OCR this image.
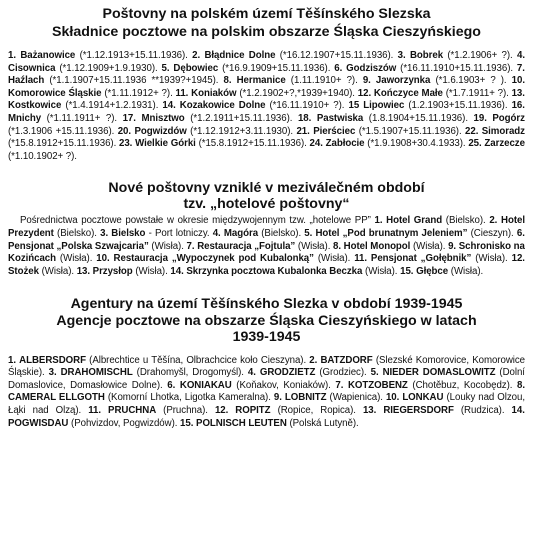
Poštovny na polském území Těšínského Slezska

Składnice pocztowe na polskim obszarze Śląska Cieszyńskiego

1. Bażanowice (*1.12.1913+15.11.1936). 2. Błądnice Dolne (*16.12.1907+15.11.1936). 3. Bobrek (*1.2.1906+ ?). 4. Cisownica (*1.12.1909+1.9.1930). 5. Dębowiec (*16.9.1909+15.11.1936). 6. Godziszów (*16.11.1910+15.11.1936). 7. Haźlach (*1.1.1907+15.11.1936 **1939?+1945). 8. Hermanice (1.11.1910+ ?). 9. Jaworzynka (*1.6.1903+ ? ). 10. Komorowice Śląskie (*1.11.1912+ ?). 11. Koniaków (*1.2.1902+?,*1939+1940). 12. Kończyce Małe (*1.7.1911+ ?). 13. Kostkowice (*1.4.1914+1.2.1931). 14. Kozakowice Dolne (*16.11.1910+ ?). 15 Lipowiec (1.2.1903+15.11.1936). 16. Mnichy (*1.11.1911+ ?). 17. Mnisztwo (*1.2.1911+15.11.1936). 18. Pastwiska (1.8.1904+15.11.1936). 19. Pogórz (*1.3.1906 +15.11.1936). 20. Pogwizdów (*1.12.1912+3.11.1930). 21. Pierściec (*1.5.1907+15.11.1936). 22. Simoradz (*15.8.1912+15.11.1936). 23. Wielkie Górki (*15.8.1912+15.11.1936). 24. Zabłocie (*1.9.1908+30.4.1933). 25. Zarzecze (*1.10.1902+ ?).

Nové poštovny vzniklé v meziválečném období

tzv. „hotelové poštovny“

Pośrednictwa pocztowe powstałe w okresie międzywojennym tzw. „hotelowe PP” 1. Hotel Grand (Bielsko). 2. Hotel Prezydent (Bielsko). 3. Bielsko - Port lotniczy. 4. Magóra (Bielsko). 5. Hotel „Pod brunatnym Jeleniem” (Cieszyn). 6. Pensjonat „Polska Szwajcaria” (Wisła). 7. Restauracja „Fojtula” (Wisła). 8. Hotel Monopol (Wisła). 9. Schronisko na Kozińcach (Wisła). 10. Restauracja „Wypoczynek pod Kubalonką” (Wisła). 11. Pensjonat „Gołębnik” (Wisła). 12. Stożek (Wisła). 13. Przysłop (Wisła). 14. Skrzynka pocztowa Kubalonka Beczka (Wisła). 15. Głębce (Wisła).

Agentury na území Těšínského Slezka v období 1939-1945

Agencje pocztowe na obszarze Śląska Cieszyńskiego w latach

1939-1945

1. ALBERSDORF (Albrechtice u Těšína, Olbrachcice koło Cieszyna). 2. BATZDORF (Slezské Komorovice, Komorowice Śląskie). 3. DRAHOMISCHL (Drahomyšl, Drogomyśl). 4. GRODZIETZ (Grodziec). 5. NIEDER DOMASLOWITZ (Dolní Domaslovice, Domasłowice Dolne). 6. KONIAKAU (Koňakov, Koniaków). 7. KOTZOBENZ (Chotěbuz, Kocobędz). 8. CAMERAL ELLGOTH (Komorní Lhotka, Ligotka Kameralna). 9. LOBNITZ (Wapienica). 10. LONKAU (Louky nad Olzou, Łąki nad Olzą). 11. PRUCHNA (Pruchna). 12. ROPITZ (Ropice, Ropica). 13. RIEGERSDORF (Rudzica). 14. POGWISDAU (Pohvizdov, Pogwizdów). 15. POLNISCH LEUTEN (Polská Lutyně).
